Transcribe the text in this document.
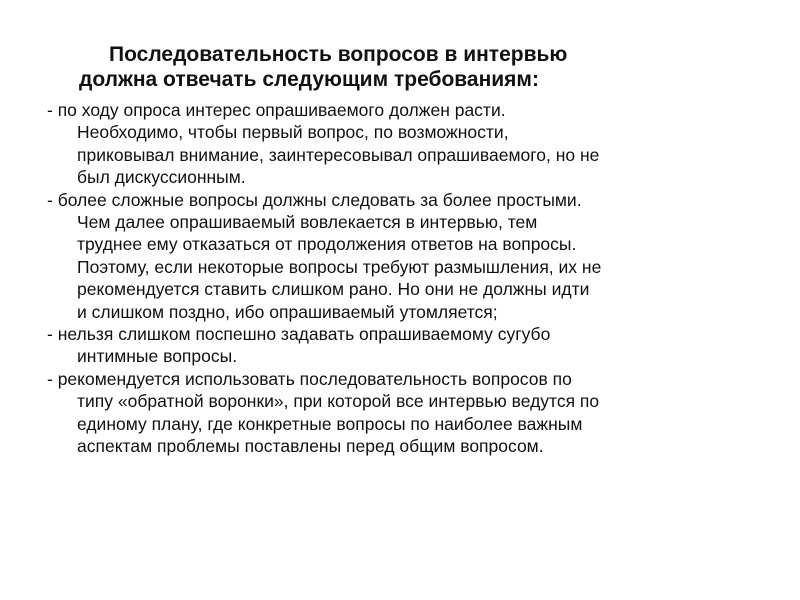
Последовательность вопросов в интервью
должна отвечать следующим требованиям:
- по ходу опроса интерес опрашиваемого должен расти.
Необходимо, чтобы первый вопрос, по возможности,
приковывал внимание, заинтересовывал опрашиваемого, но не
был дискуссионным.
- более сложные вопросы должны следовать за более простыми.
Чем далее опрашиваемый вовлекается в интервью, тем
труднее ему отказаться от продолжения ответов на вопросы.
Поэтому, если некоторые вопросы требуют размышления, их не
рекомендуется ставить слишком рано. Но они не должны идти
и слишком поздно, ибо опрашиваемый утомляется;
- нельзя слишком поспешно задавать опрашиваемому сугубо
интимные вопросы.
- рекомендуется использовать последовательность вопросов по
типу «обратной воронки», при которой все интервью ведутся по
единому плану, где конкретные вопросы по наиболее важным
аспектам проблемы поставлены перед общим вопросом.
